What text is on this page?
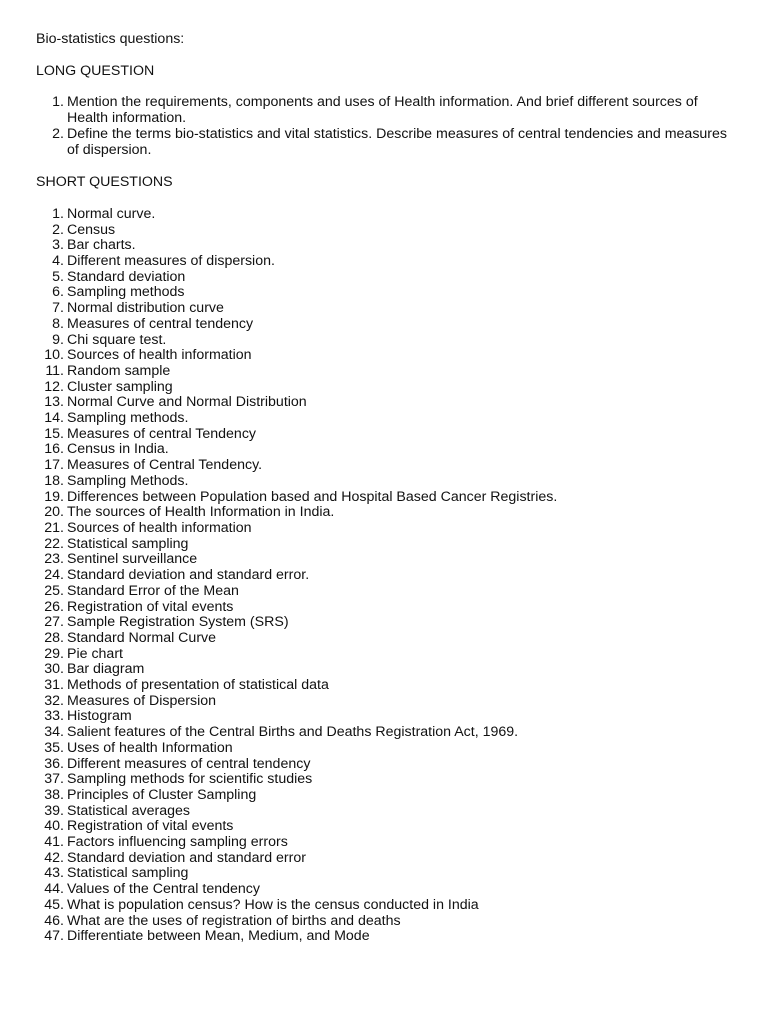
Bio-statistics questions:

LONG QUESTION

1. Mention the requirements, components and uses of Health information. And brief different sources of Health information.
2. Define the terms bio-statistics and vital statistics. Describe measures of central tendencies and measures of dispersion.

SHORT QUESTIONS

1. Normal curve.
2. Census
3. Bar charts.
4. Different measures of dispersion.
5. Standard deviation
6. Sampling methods
7. Normal distribution curve
8. Measures of central tendency
9. Chi square test.
10. Sources of health information
11. Random sample
12. Cluster sampling
13. Normal Curve and Normal Distribution
14. Sampling methods.
15. Measures of central Tendency
16. Census in India.
17. Measures of Central Tendency.
18. Sampling Methods.
19. Differences between Population based and Hospital Based Cancer Registries.
20. The sources of Health Information in India.
21. Sources of health information
22. Statistical sampling
23. Sentinel surveillance
24. Standard deviation and standard error.
25. Standard Error of the Mean
26. Registration of vital events
27. Sample Registration System (SRS)
28. Standard Normal Curve
29. Pie chart
30. Bar diagram
31. Methods of presentation of statistical data
32. Measures of Dispersion
33. Histogram
34. Salient features of the Central Births and Deaths Registration Act, 1969.
35. Uses of health Information
36. Different measures of central tendency
37. Sampling methods for scientific studies
38. Principles of Cluster Sampling
39. Statistical averages
40. Registration of vital events
41. Factors influencing sampling errors
42. Standard deviation and standard error
43. Statistical sampling
44. Values of the Central tendency
45. What is population census? How is the census conducted in India
46. What are the uses of registration of births and deaths
47. Differentiate between Mean, Medium, and Mode
